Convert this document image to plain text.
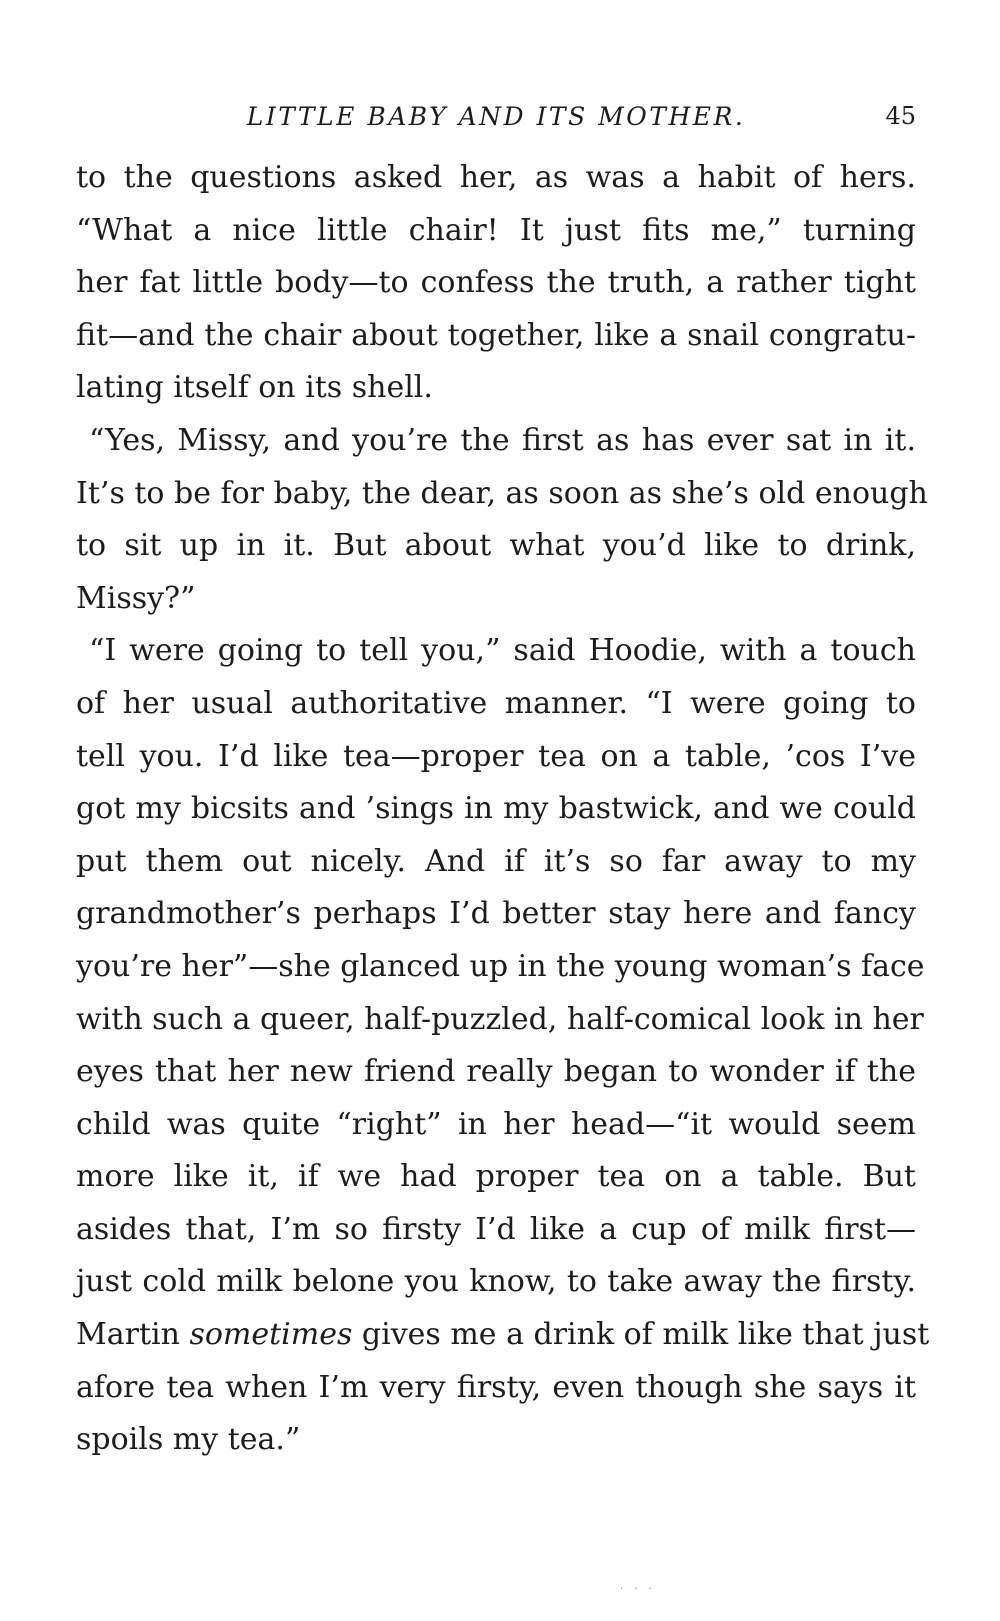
LITTLE BABY AND ITS MOTHER.	45
to the questions asked her, as was a habit of hers.
“What a nice little chair! It just fits me,” turning
her fat little body—to confess the truth, a rather tight
fit—and the chair about together, like a snail congratu-
lating itself on its shell.
“Yes, Missy, and you’re the first as has ever sat in it.
It’s to be for baby, the dear, as soon as she’s old enough
to sit up in it. But about what you’d like to drink,
Missy?”
“I were going to tell you,” said Hoodie, with a touch
of her usual authoritative manner. “I were going to
tell you. I’d like tea—proper tea on a table, ’cos I’ve
got my bicsits and ’sings in my bastwick, and we could
put them out nicely. And if it’s so far away to my
grandmother’s perhaps I’d better stay here and fancy
you’re her”—she glanced up in the young woman’s face
with such a queer, half-puzzled, half-comical look in her
eyes that her new friend really began to wonder if the
child was quite “right” in her head—“it would seem
more like it, if we had proper tea on a table. But
asides that, I’m so firsty I’d like a cup of milk first—
just cold milk belone you know, to take away the firsty.
Martin sometimes gives me a drink of milk like that just
afore tea when I’m very firsty, even though she says it
spoils my tea.”
· · ·
